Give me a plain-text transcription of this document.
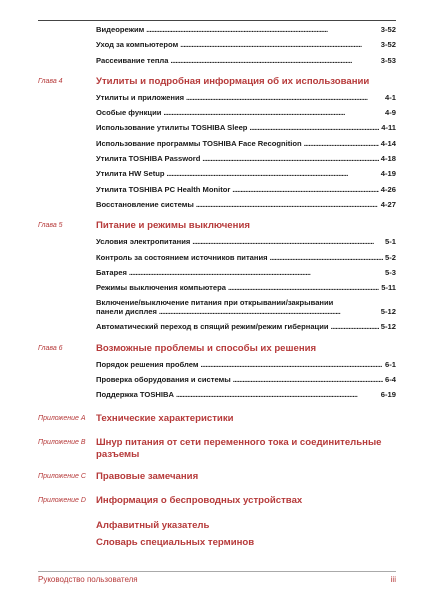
Видеорежим . . .	3-52
Уход за компьютером . . .	3-52
Рассеивание тепла . . .	3-53
Глава 4	Утилиты и подробная информация об их использовании
Утилиты и приложения . . .	4-1
Особые функции . . .	4-9
Использование утилиты TOSHIBA Sleep . . .	4-11
Использование программы TOSHIBA Face Recognition . . .	4-14
Утилита TOSHIBA Password . . .	4-18
Утилита HW Setup . . .	4-19
Утилита TOSHIBA PC Health Monitor . . .	4-26
Восстановление системы . . .	4-27
Глава 5	Питание и режимы выключения
Условия электропитания . . .	5-1
Контроль за состоянием источников питания . . .	5-2
Батарея . . .	5-3
Режимы выключения компьютера . . .	5-11
Включение/выключение питания при открывании/закрывании
панели дисплея . . .	5-12
Автоматический переход в спящий режим/режим гибернации . . .	5-12
Глава 6	Возможные проблемы и способы их решения
Порядок решения проблем . . .	6-1
Проверка оборудования и системы . . .	6-4
Поддержка TOSHIBA . . .	6-19
Приложение A Технические характеристики
Приложение B Шнур питания от сети переменного тока и соединительные разъемы
Приложение C Правовые замечания
Приложение D Информация о беспроводных устройствах
Алфавитный указатель
Словарь специальных терминов
Руководство пользователя	iii
